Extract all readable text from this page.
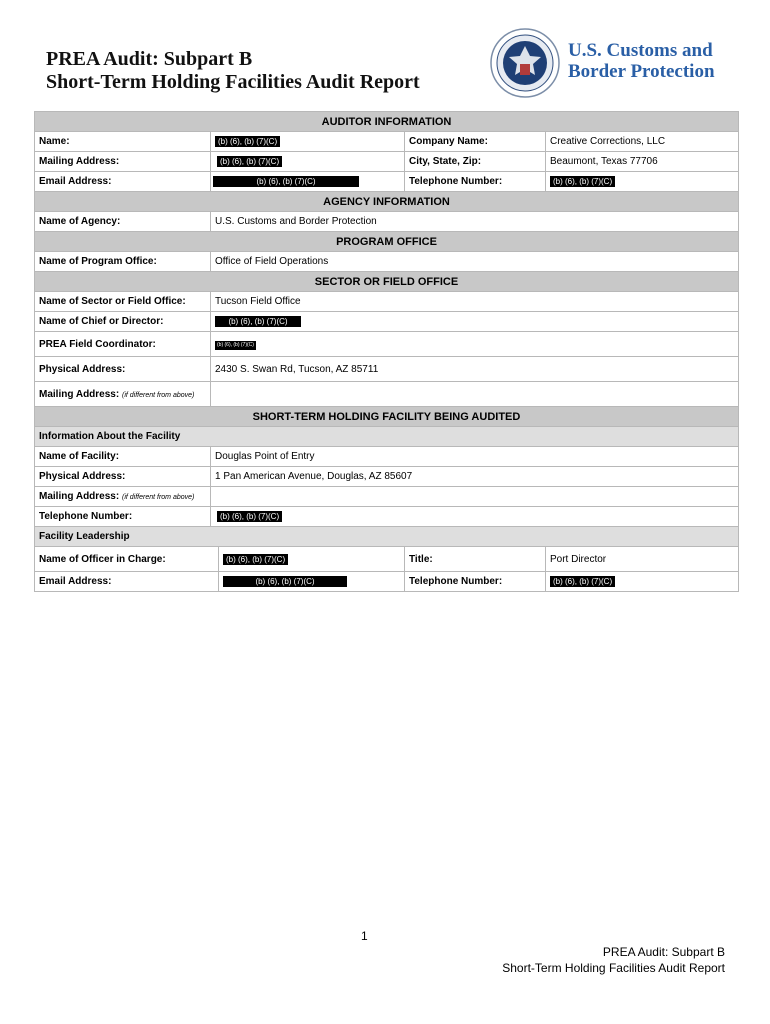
PREA Audit: Subpart B
Short-Term Holding Facilities Audit Report
U.S. Customs and
Border Protection
AUDITOR INFORMATION				
Name:	(b) (6), (b) (7)(C)		Company Name:	Creative Corrections, LLC
Mailing Address:	(b) (6), (b) (7)(C)		City, State, Zip:	Beaumont, Texas 77706
Email Address:	(b) (6), (b) (7)(C)		Telephone Number:	(b) (6), (b) (7)(C)
AGENCY INFORMATION				
Name of Agency:	U.S. Customs and Border Protection			
PROGRAM OFFICE				
Name of Program Office:	Office of Field Operations			
SECTOR OR FIELD OFFICE				
Name of Sector or Field Office:	Tucson Field Office			
Name of Chief or Director:	(b) (6), (b) (7)(C)			
PREA Field Coordinator:	(b) (6), (b) (7)(C)			
Physical Address:	2430 S. Swan Rd, Tucson, AZ 85711			
Mailing Address: (if different from above)				
SHORT-TERM HOLDING FACILITY BEING AUDITED				
Information About the Facility				
Name of Facility:	Douglas Point of Entry			
Physical Address:	1 Pan American Avenue, Douglas, AZ 85607			
Mailing Address: (if different from above)				
Telephone Number:	(b) (6), (b) (7)(C)			
Facility Leadership				
Name of Officer in Charge:		(b) (6), (b) (7)(C)	Title:	Port Director
Email Address:		(b) (6), (b) (7)(C)	Telephone Number:	(b) (6), (b) (7)(C)
1
PREA Audit: Subpart B
Short-Term Holding Facilities Audit Report
